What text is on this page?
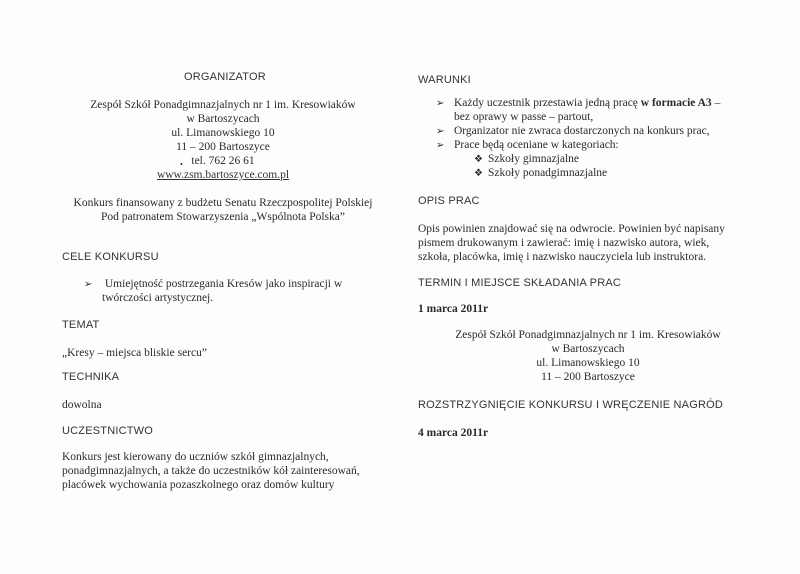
ORGANIZATOR
Zespół Szkół Ponadgimnazjalnych nr 1 im. Kresowiaków
w Bartoszycach
ul. Limanowskiego 10
11 – 200 Bartoszyce
tel. 762 26 61
•
www.zsm.bartoszyce.com.pl
Konkurs finansowany z budżetu Senatu Rzeczpospolitej Polskiej
Pod patronatem Stowarzyszenia „Wspólnota Polska”
CELE KONKURSU
➢ Umiejętność postrzegania Kresów jako inspiracji w
twórczości artystycznej.
TEMAT
„Kresy – miejsca bliskie sercu”
TECHNIKA
dowolna
UCZESTNICTWO
Konkurs jest kierowany do uczniów szkół gimnazjalnych,
ponadgimnazjalnych, a także do uczestników kół zainteresowań,
placówek wychowania pozaszkolnego oraz domów kultury
WARUNKI
➢ Każdy uczestnik przestawia jedną pracę w formacie A3 –
bez oprawy w passe – partout,
➢ Organizator nie zwraca dostarczonych na konkurs prac,
➢ Prace będą oceniane w kategoriach:
❖ Szkoły gimnazjalne
❖ Szkoły ponadgimnazjalne
OPIS PRAC
Opis powinien znajdować się na odwrocie. Powinien być napisany
pismem drukowanym i zawierać: imię i nazwisko autora, wiek,
szkoła, placówka, imię i nazwisko nauczyciela lub instruktora.
TERMIN I MIEJSCE SKŁADANIA PRAC
1 marca 2011r
Zespół Szkół Ponadgimnazjalnych nr 1 im. Kresowiaków
w Bartoszycach
ul. Limanowskiego 10
11 – 200 Bartoszyce
ROZSTRZYGNIĘCIE KONKURSU I WRĘCZENIE NAGRÓD
4 marca 2011r
